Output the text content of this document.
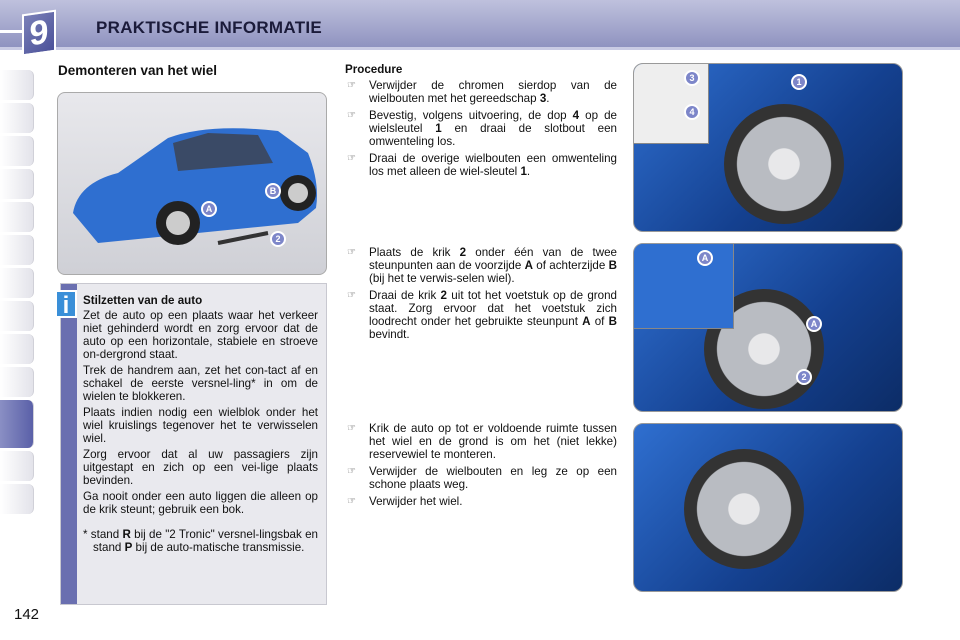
9	PRAKTISCHE INFORMATIE
Demonteren van het wiel
A
B
2
i	Stilzetten van de auto

Zet de auto op een plaats waar het verkeer niet gehinderd wordt en zorg ervoor dat de auto op een horizontale, stabiele en stroeve on-dergrond staat.

Trek de handrem aan, zet het con-tact af en schakel de eerste versnel-ling* in om de wielen te blokkeren.

Plaats indien nodig een wielblok onder het wiel kruislings tegenover het te verwisselen wiel.

Zorg ervoor dat al uw passagiers zijn uitgestapt en zich op een vei-lige plaats bevinden.

Ga nooit onder een auto liggen die alleen op de krik steunt; gebruik een bok.

* stand R bij de "2 Tronic" versnel-lingsbak en stand P bij de auto-matische transmissie.

Procedure
☞ Verwijder de chromen sierdop van de wielbouten met het gereedschap 3.
☞ Bevestig, volgens uitvoering, de dop 4 op de wielsleutel 1 en draai de slotbout een omwenteling los.
☞ Draai de overige wielbouten een omwenteling los met alleen de wiel-sleutel 1.
☞ Plaats de krik 2 onder één van de twee steunpunten aan de voorzijde A of achterzijde B (bij het te verwis-selen wiel).
☞ Draai de krik 2 uit tot het voetstuk op de grond staat. Zorg ervoor dat het voetstuk zich loodrecht onder het gebruikte steunpunt A of B bevindt.
☞ Krik de auto op tot er voldoende ruimte tussen het wiel en de grond is om het (niet lekke) reservewiel te monteren.
☞ Verwijder de wielbouten en leg ze op een schone plaats weg.
☞ Verwijder het wiel.
1
3
4
A
A
2
142
